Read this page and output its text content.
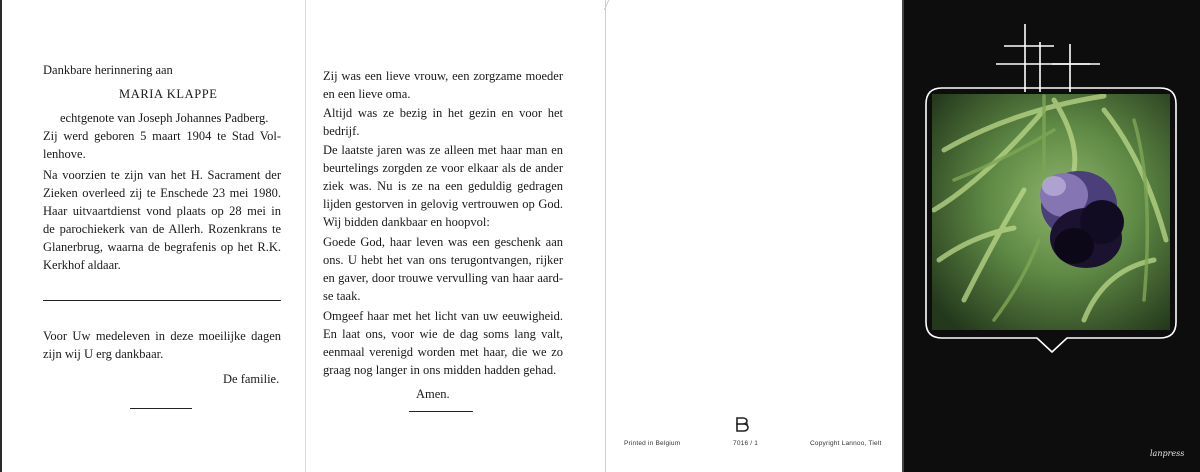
Dankbare herinnering aan
MARIA KLAPPE
echtgenote van Joseph Johannes Padberg.
Zij werd geboren 5 maart 1904 te Stad Vol-
lenhove.
Na voorzien te zijn van het H. Sacrament der
Zieken overleed zij te Enschede 23 mei 1980.
Haar uitvaartdienst vond plaats op 28 mei in
de parochiekerk van de Allerh. Rozenkrans te
Glanerbrug, waarna de begrafenis op het R.K.
Kerkhof aldaar.
Voor Uw medeleven in deze moeilijke dagen
zijn wij U erg dankbaar.
De familie.
Zij was een lieve vrouw, een zorgzame moeder
en een lieve oma.
Altijd was ze bezig in het gezin en voor het
bedrijf.
De laatste jaren was ze alleen met haar man en
beurtelings zorgden ze voor elkaar als de ander
ziek was. Nu is ze na een geduldig gedragen
lijden gestorven in gelovig vertrouwen op God.
Wij bidden dankbaar en hoopvol:
Goede God, haar leven was een geschenk aan
ons. U hebt het van ons terugontvangen, rijker
en gaver, door trouwe vervulling van haar aard-
se taak.
Omgeef haar met het licht van uw eeuwigheid.
En laat ons, voor wie de dag soms lang valt,
eenmaal verenigd worden met haar, die we zo
graag nog langer in ons midden hadden gehad.
Amen.
Printed in Belgium	7016 / 1	Copyright Lannoo, Tielt
lanpress
